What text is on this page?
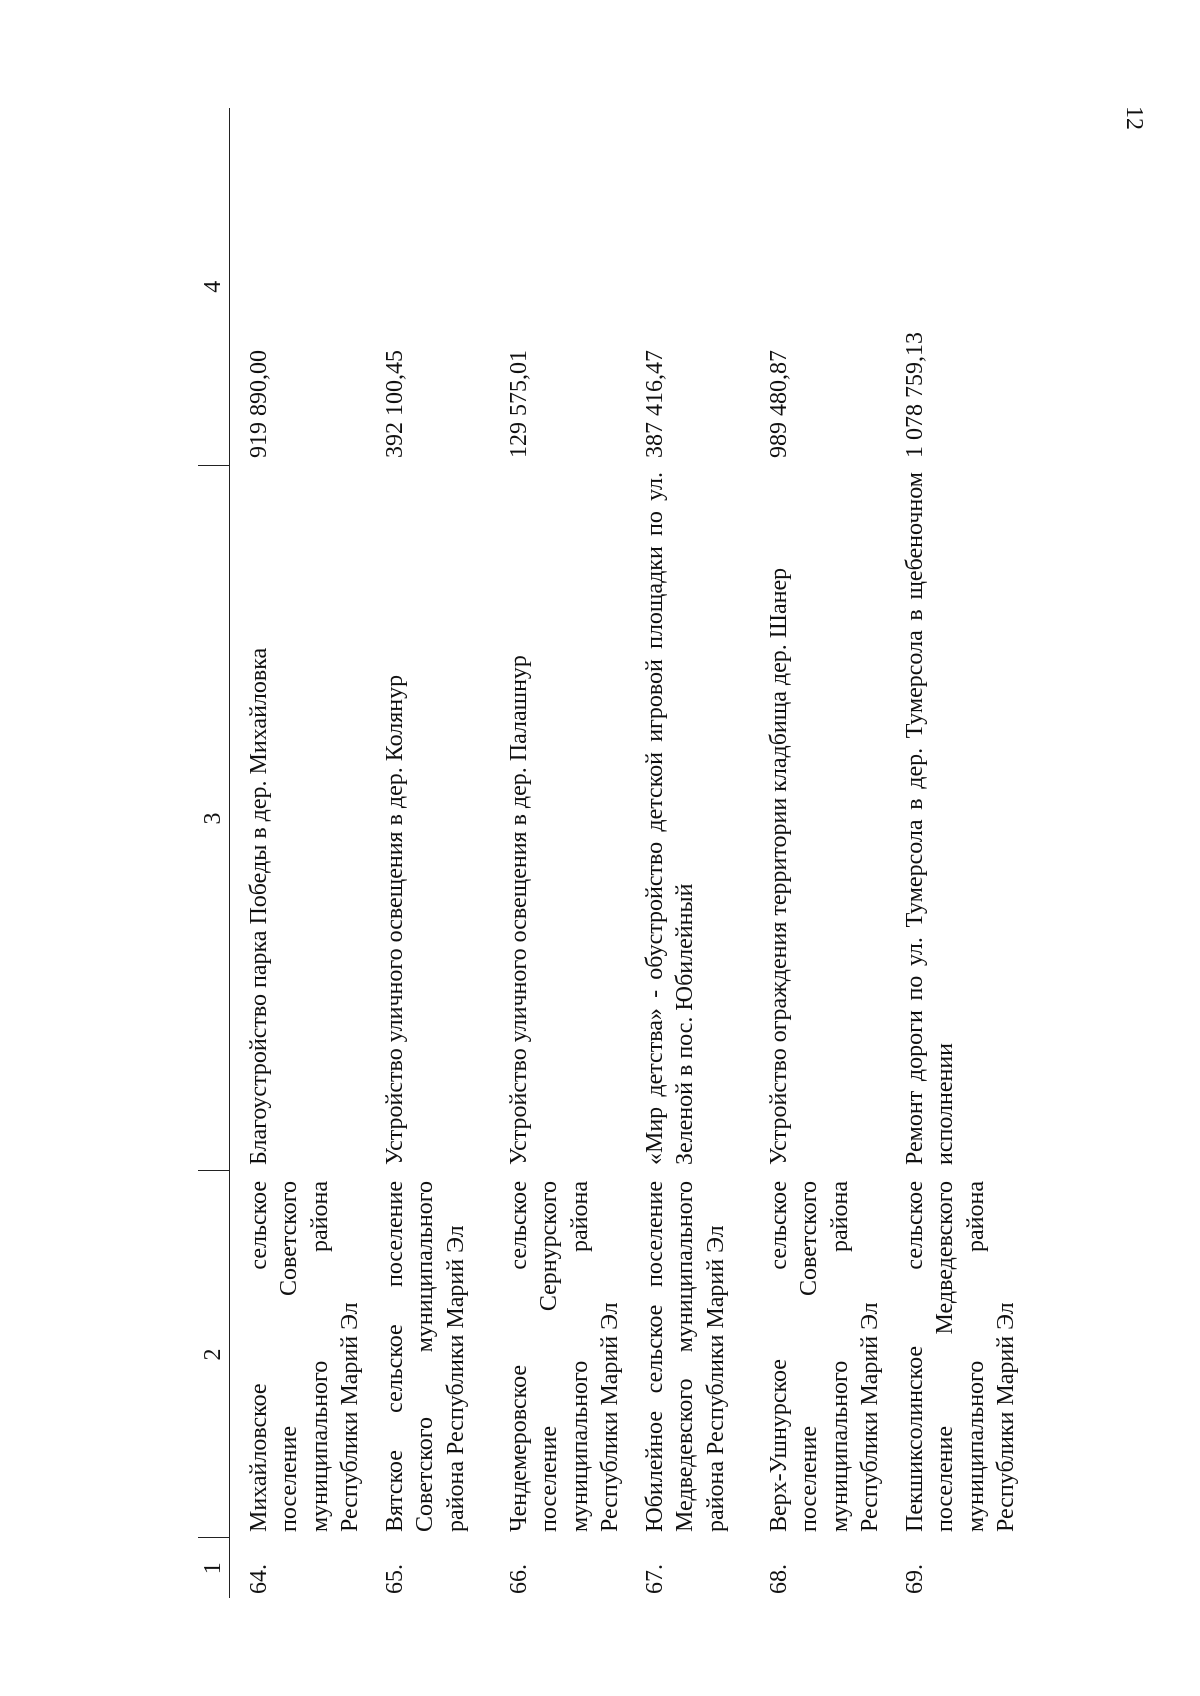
12
1	2	3	4
64.	Михайловское сельское поселение Советского муниципального района Республики Марий Эл	Благоустройство парка Победы в дер. Михайловка	919 890,00
65.	Вятское сельское поселение Советского муниципального района Республики Марий Эл	Устройство уличного освещения в дер. Колянур	392 100,45
66.	Чендемеровское сельское поселение Сернурского муниципального района Республики Марий Эл	Устройство уличного освещения в дер. Палашнур	129 575,01
67.	Юбилейное сельское поселение Медведевского муниципального района Республики Марий Эл	«Мир детства» - обустройство детской игровой площадки по ул. Зеленой в пос. Юбилейный	387 416,47
68.	Верх-Ушнурское сельское поселение Советского муниципального района Республики Марий Эл	Устройство ограждения территории кладбища дер. Шанер	989 480,87
69.	Пекшиксолинское сельское поселение Медведевского муниципального района Республики Марий Эл	Ремонт дороги по ул. Тумерсола в дер. Тумерсола в щебеночном исполнении	1 078 759,13
